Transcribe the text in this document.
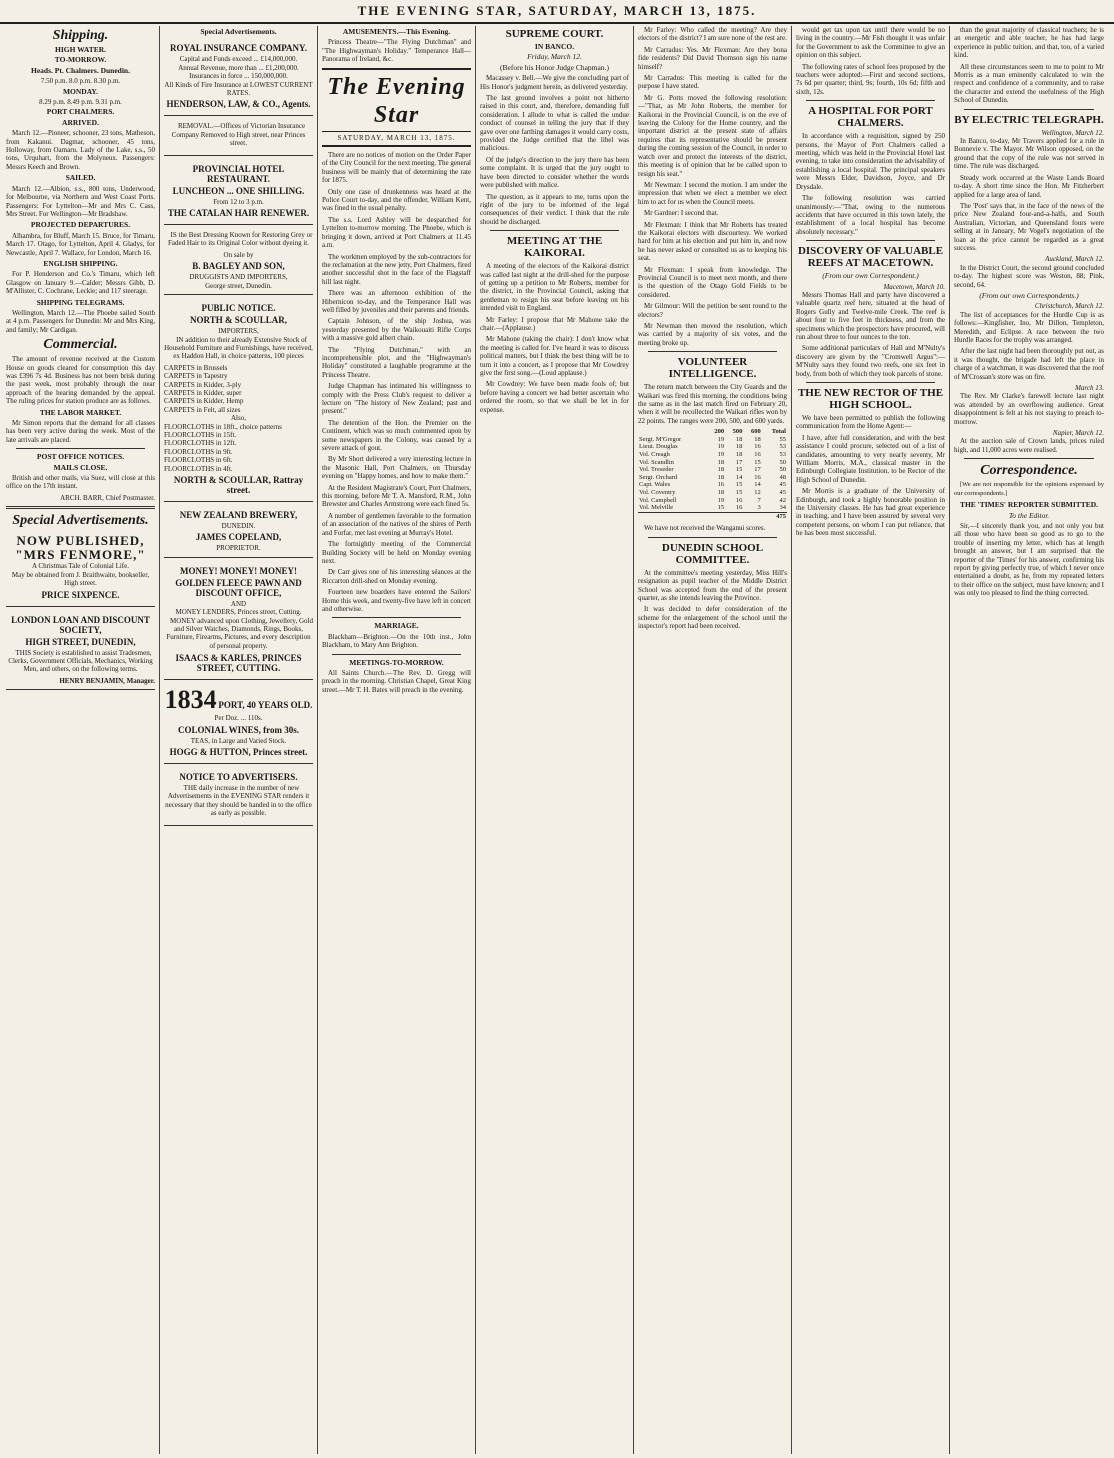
THE EVENING STAR, SATURDAY, MARCH 13, 1875.
Shipping.
HIGH WATER.
TO-MORROW.
Heads. Pt. Chalmers. Dunedin.
7.50 p.m. 8.0 p.m. 8.30 p.m.
MONDAY.
8.29 p.m. 8.49 p.m. 9.31 p.m.
PORT CHALMERS.
ARRIVED.

March 12.—Pioneer, schooner, 23 tons, Matheson, from Kakanui. Dagmar, schooner, 45 tons, Holloway, from Oamaru. Lady of the Lake, s.s., 50 tons, Urquhart, from the Molyneux. Passengers: Messrs Keech and Brown.

SAILED.

March 12.—Albion, s.s., 800 tons, Underwood, for Melbourne, via Northern and West Coast Ports. Passengers: For Lyttelton—Mr and Mrs C. Cass, Mrs Street. For Wellington—Mr Bradshaw.

PROJECTED DEPARTURES.

Alhambra, for Bluff, March 15. Bruce, for Timaru, March 17. Otago, for Lyttelton, April 4. Gladys, for Newcastle, April 7. Wallace, for London, March 16.

ENGLISH SHIPPING.

For P. Henderson and Co.'s Timaru, which left Glasgow on January 9.—Calder; Messrs Gibb, D. M'Allister, C. Cochrane, Leckie; and 117 steerage.

SHIPPING TELEGRAMS.

Wellington, March 12.—The Phoebe sailed South at 4 p.m. Passengers for Dunedin: Mr and Mrs King, and family; Mr Cardigan.

Commercial.

The amount of revenue received at the Custom House on goods cleared for consumption this day was £396 7s 4d. Business has not been brisk during the past week, most probably through the near approach of the hearing demanded by the appeal. The ruling prices for station produce are as follows.

THE LABOR MARKET.

Mr Simon reports that the demand for all classes has been very active during the week. Most of the late arrivals are placed.

POST OFFICE NOTICES.
MAILS CLOSE.

British and other mails, via Suez, will close at this office on the 17th instant.

ARCH. BARR, Chief Postmaster.
Special Advertisements.
NOW PUBLISHED,
"MRS FENMORE,"
A Christmas Tale of Colonial Life.
May be obtained from J. Braithwaite, bookseller, High street.
PRICE SIXPENCE.
LONDON LOAN AND DISCOUNT SOCIETY,
HIGH STREET, DUNEDIN,

THIS Society is established to assist Tradesmen, Clerks, Government Officials, Mechanics, Working Men, and others, on the following terms.

HENRY BENJAMIN, Manager.
Special Advertisements.
ROYAL INSURANCE COMPANY.
Capital and Funds exceed ... £14,000,000.
Annual Revenue, more than ... £1,200,000.
Insurances in force ... 150,000,000.
All Kinds of Fire Insurance at LOWEST CURRENT RATES.
HENDERSON, LAW, & CO., Agents.

REMOVAL.—Offices of Victorian Insurance Company Removed to High street, near Princes street.

PROVINCIAL HOTEL RESTAURANT.
LUNCHEON ... ONE SHILLING.
From 12 to 3 p.m.
THE CATALAN HAIR RENEWER.

IS the Best Dressing Known for Restoring Grey or Faded Hair to its Original Color without dyeing it.

On sale by
B. BAGLEY AND SON,
DRUGGISTS AND IMPORTERS,
George street, Dunedin.
PUBLIC NOTICE.
NORTH & SCOULLAR,
IMPORTERS,

IN addition to their already Extensive Stock of Household Furniture and Furnishings, have received, ex Haddon Hall, in choice patterns, 100 pieces

CARPETS in Brussels
CARPETS in Tapestry
CARPETS in Kidder, 3-ply
CARPETS in Kidder, super
CARPETS in Kidder, Hemp
CARPETS in Felt, all sizes
Also,
FLOORCLOTHS in 18ft., choice patterns
FLOORCLOTHS in 15ft.
FLOORCLOTHS in 12ft.
FLOORCLOTHS in 9ft.
FLOORCLOTHS in 6ft.
FLOORCLOTHS in 4ft.
NORTH & SCOULLAR, Rattray street.
NEW ZEALAND BREWERY,
DUNEDIN.
JAMES COPELAND,
PROPRIETOR.
MONEY! MONEY! MONEY!
GOLDEN FLEECE PAWN AND DISCOUNT OFFICE,
AND
MONEY LENDERS, Princes street, Cutting.

MONEY advanced upon Clothing, Jewellery, Gold and Silver Watches, Diamonds, Rings, Books, Furniture, Firearms, Pictures, and every description of personal property.

ISAACS & KARLES, PRINCES STREET, CUTTING.
1834 PORT, 40 YEARS OLD.
Per Doz. ... 110s.
COLONIAL WINES, from 30s.
TEAS, in Large and Varied Stock.
HOGG & HUTTON, Princes street.
NOTICE TO ADVERTISERS.

THE daily increase in the number of new Advertisements in the EVENING STAR renders it necessary that they should be handed in to the office as early as possible.

AMUSEMENTS.—This Evening.

Princess Theatre—"The Flying Dutchman" and "The Highwayman's Holiday." Temperance Hall—Panorama of Ireland, &c.

The Evening Star
SATURDAY, MARCH 13, 1875.

There are no notices of motion on the Order Paper of the City Council for the next meeting. The general business will be mainly that of determining the rate for 1875.

Only one case of drunkenness was heard at the Police Court to-day, and the offender, William Kent, was fined in the usual penalty.

The s.s. Lord Ashley will be despatched for Lyttelton to-morrow morning. The Phoebe, which is bringing it down, arrived at Port Chalmers at 11.45 a.m.

The workmen employed by the sub-contractors for the reclamation at the new jetty, Port Chalmers, fired another successful shot in the face of the Flagstaff hill last night.

There was an afternoon exhibition of the Hibernicon to-day, and the Temperance Hall was well filled by juveniles and their parents and friends.

Captain Johnson, of the ship Joshua, was yesterday presented by the Waikouaiti Rifle Corps with a massive gold albert chain.

The "Flying Dutchman," with an incomprehensible plot, and the "Highwayman's Holiday" constituted a laughable programme at the Princess Theatre.

Judge Chapman has intimated his willingness to comply with the Press Club's request to deliver a lecture on "The history of New Zealand; past and present."

The detention of the Hon. the Premier on the Continent, which was so much commented upon by some newspapers in the Colony, was caused by a severe attack of gout.

By Mr Short delivered a very interesting lecture in the Masonic Hall, Port Chalmers, on Thursday evening on "Happy homes, and how to make them."

At the Resident Magistrate's Court, Port Chalmers, this morning, before Mr T. A. Mansford, R.M., John Brewster and Charles Armstrong were each fined 5s.

A number of gentlemen favorable to the formation of an association of the natives of the shires of Perth and Forfar, met last evening at Murray's Hotel.

The fortnightly meeting of the Commercial Building Society will be held on Monday evening next.

Dr Carr gives one of his interesting séances at the Riccarton drill-shed on Monday evening.

Fourteen new boarders have entered the Sailors' Home this week, and twenty-five have left in concert and otherwise.

MARRIAGE.

Blackham—Brighton.—On the 10th inst., John Blackham, to Mary Ann Brighton.

MEETINGS-TO-MORROW.

All Saints Church.—The Rev. D. Gregg will preach in the morning. Christian Chapel, Great King street.—Mr T. H. Bates will preach in the evening.

SUPREME COURT.
IN BANCO.
Friday, March 12.
(Before his Honor Judge Chapman.)

Macassey v. Bell.—We give the concluding part of His Honor's judgment herein, as delivered yesterday.

The last ground involves a point not hitherto raised in this court, and, therefore, demanding full consideration. I allude to what is called the undue conduct of counsel in telling the jury that if they gave over one farthing damages it would carry costs, provided the Judge certified that the libel was malicious.

Of the judge's direction to the jury there has been some complaint. It is urged that the jury ought to have been directed to consider whether the words were published with malice.

The question, as it appears to me, turns upon the right of the jury to be informed of the legal consequences of their verdict. I think that the rule should be discharged.

MEETING AT THE KAIKORAI.

A meeting of the electors of the Kaikorai district was called last night at the drill-shed for the purpose of getting up a petition to Mr Roberts, member for the district, in the Provincial Council, asking that gentleman to resign his seat before leaving on his intended visit to England.

Mr Farley: I propose that Mr Mahone take the chair.—(Applause.)

Mr Mahone (taking the chair): I don't know what the meeting is called for. I've heard it was to discuss political matters, but I think the best thing will be to turn it into a concert, as I propose that Mr Cowdrey give the first song.—(Loud applause.)

Mr Cowdrey: We have been made fools of; but before having a concert we had better ascertain who ordered the room, so that we shall be let in for expense.

Mr Farley: Who called the meeting? Are they electors of the district? I am sure none of the rest are.

Mr Carradus: Yes. Mr Flexman: Are they bona fide residents? Did David Thomson sign his name himself?

Mr Carradus: This meeting is called for the purpose I have stated.

Mr G. Potts moved the following resolution:—"That, as Mr John Roberts, the member for Kaikorai in the Provincial Council, is on the eve of leaving the Colony for the Home country, and the important district at the present state of affairs requires that its representative should be present during the coming session of the Council, in order to watch over and protect the interests of the district, this meeting is of opinion that he be called upon to resign his seat."

Mr Newman: I second the motion. I am under the impression that when we elect a member we elect him to act for us when the Council meets.

Mr Gardner: I second that.

Mr Flexman: I think that Mr Roberts has treated the Kaikorai electors with discourtesy. We worked hard for him at his election and put him in, and now he has never asked or consulted us as to keeping his seat.

Mr Flexman: I speak from knowledge. The Provincial Council is to meet next month, and there is the question of the Otago Gold Fields to be considered.

Mr Gilmour: Will the petition be sent round to the electors?

Mr Newman then moved the resolution, which was carried by a majority of six votes, and the meeting broke up.

VOLUNTEER INTELLIGENCE.

The return match between the City Guards and the Waikari was fired this morning, the conditions being the same as in the last match fired on February 20, when it will be recollected the Waikari rifles won by 22 points. The ranges were 200, 500, and 600 yards.

	200	500	600	Total
Sergt. M'Gregor	19	18	18	55
Lieut. Douglas	19	18	16	53
Vol. Creagh	19	18	16	53
Vol. Scandlin	18	17	15	50
Vol. Treseder	18	15	17	50
Sergt. Orchard	18	14	16	48
Capt. Wales	16	15	14	45
Vol. Coventry	18	15	12	45
Vol. Campbell	19	16	7	42
Vol. Melville	15	16	3	34
				475

We have not received the Wanganui scores.

DUNEDIN SCHOOL COMMITTEE.

At the committee's meeting yesterday, Miss Hill's resignation as pupil teacher of the Middle District School was accepted from the end of the present quarter, as she intends leaving the Province.

It was decided to defer consideration of the scheme for the enlargement of the school until the inspector's report had been received.

would get tax upon tax until there would be no living in the country.—Mr Fish thought it was unfair for the Government to ask the Committee to give an opinion on this subject.

The following rates of school fees proposed by the teachers were adopted:—First and second sections, 7s 6d per quarter; third, 9s; fourth, 10s 6d; fifth and sixth, 12s.

A HOSPITAL FOR PORT CHALMERS.

In accordance with a requisition, signed by 250 persons, the Mayor of Port Chalmers called a meeting, which was held in the Provincial Hotel last evening, to take into consideration the advisability of establishing a local hospital. The principal speakers were Messrs Elder, Davidson, Joyce, and Dr Drysdale.

The following resolution was carried unanimously:—"That, owing to the numerous accidents that have occurred in this town lately, the establishment of a local hospital has become absolutely necessary."

DISCOVERY OF VALUABLE REEFS AT MACETOWN.
(From our own Correspondent.)
Macetown, March 10.

Messrs Thomas Hall and party have discovered a valuable quartz reef here, situated at the head of Rogers Gully and Twelve-mile Creek. The reef is about four to five feet in thickness, and from the specimens which the prospectors have procured, will run about three to four ounces to the ton.

Some additional particulars of Hall and M'Nulty's discovery are given by the "Cromwell Argus":—M'Nulty says they found two reefs, one six feet in body, from both of which they took parcels of stone.

THE NEW RECTOR OF THE HIGH SCHOOL.

We have been permitted to publish the following communication from the Home Agent:—

I have, after full consideration, and with the best assistance I could procure, selected out of a list of candidates, amounting to very nearly seventy, Mr William Morris, M.A., classical master in the Edinburgh Collegiate Institution, to be Rector of the High School of Dunedin.

Mr Morris is a graduate of the University of Edinburgh, and took a highly honorable position in the University classes. He has had great experience in teaching, and I have been assured by several very competent persons, on whom I can put reliance, that he has been most successful.

than the great majority of classical teachers; he is an energetic and able teacher, he has had large experience in public tuition, and that, too, of a varied kind.

All these circumstances seem to me to point to Mr Morris as a man eminently calculated to win the respect and confidence of a community, and to raise the character and extend the usefulness of the High School of Dunedin.

BY ELECTRIC TELEGRAPH.
Wellington, March 12.

In Banco, to-day, Mr Travers applied for a rule in Bonnevie v. The Mayor. Mr Wilson opposed, on the ground that the copy of the rule was not served in time. The rule was discharged.

Steady work occurred at the Waste Lands Board to-day. A short time since the Hon. Mr Fitzherbert applied for a large area of land.

The 'Post' says that, in the face of the news of the price New Zealand four-and-a-halfs, and South Australian, Victorian, and Queensland fours were selling at in January, Mr Vogel's negotiation of the loan at the price cannot be regarded as a great success.

Auckland, March 12.

In the District Court, the second ground concluded to-day. The highest score was Weston, 88; Pink, second, 64.

(From our own Correspondents.)
Christchurch, March 12.

The list of acceptances for the Hurdle Cup is as follows:—Kingfisher, Ino, Mr Dillon, Templeton, Meredith, and Eclipse. A race between the two Hurdle Races for the trophy was arranged.

After the last night had been thoroughly put out, as it was thought, the brigade had left the place in charge of a watchman, it was discovered that the roof of M'Crossan's store was on fire.

March 13.

The Rev. Mr Clarke's farewell lecture last night was attended by an overflowing audience. Great disappointment is felt at his not staying to preach to-morrow.

Napier, March 12.

At the auction sale of Crown lands, prices ruled high, and 11,000 acres were realised.

Correspondence.

[We are not responsible for the opinions expressed by our correspondents.]

THE 'TIMES' REPORTER SUBMITTED.
To the Editor.

Sir,—I sincerely thank you, and not only you but all those who have been so good as to go to the trouble of inserting my letter, which has at length brought an answer, but I am surprised that the reporter of the 'Times' for his answer, confirming his report by giving perfectly true, of which I never once entertained a doubt, as he, from my repeated letters to their office on the subject, must have known; and I was only too pleased to find the thing corrected.
